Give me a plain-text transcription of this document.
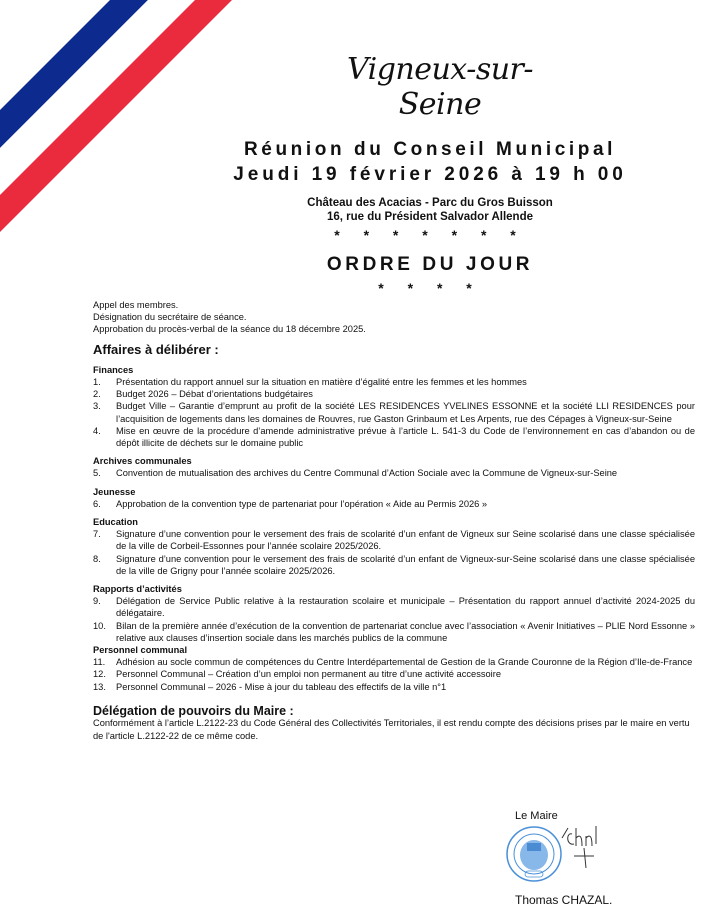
Vigneux-sur-Seine
Réunion du Conseil Municipal
Jeudi 19 février 2026 à 19 h 00
Château des Acacias - Parc du Gros Buisson
16, rue du Président Salvador Allende
* * * * * * *
ORDRE DU JOUR
* * * *
Appel des membres.
Désignation du secrétaire de séance.
Approbation du procès-verbal de la séance du 18 décembre 2025.
Affaires à délibérer :
Finances
1.	Présentation du rapport annuel sur la situation en matière d’égalité entre les femmes et les hommes
2.	Budget 2026 – Débat d’orientations budgétaires
3.	Budget Ville – Garantie d’emprunt au profit de la société LES RESIDENCES YVELINES ESSONNE et la société LLI RESIDENCES pour l’acquisition de logements dans les domaines de Rouvres, rue Gaston Grinbaum et Les Arpents, rue des Cépages à Vigneux-sur-Seine
4.	Mise en œuvre de la procédure d’amende administrative prévue à l’article L. 541-3 du Code de l’environnement en cas d’abandon ou de dépôt illicite de déchets sur le domaine public
Archives communales
5.	Convention de mutualisation des archives du Centre Communal d’Action Sociale avec la Commune de Vigneux-sur-Seine
Jeunesse
6.	Approbation de la convention type de partenariat pour l’opération « Aide au Permis 2026 »
Education
7.	Signature d’une convention pour le versement des frais de scolarité d’un enfant de Vigneux sur Seine scolarisé dans une classe spécialisée de la ville de Corbeil-Essonnes pour l’année scolaire 2025/2026.
8.	Signature d’une convention pour le versement des frais de scolarité d’un enfant de Vigneux-sur-Seine scolarisé dans une classe spécialisée de la ville de Grigny pour l’année scolaire 2025/2026.
Rapports d’activités
9.	Délégation de Service Public relative à la restauration scolaire et municipale – Présentation du rapport annuel d’activité 2024-2025 du délégataire.
10.	Bilan de la première année d’exécution de la convention de partenariat conclue avec l’association « Avenir Initiatives – PLIE Nord Essonne » relative aux clauses d’insertion sociale dans les marchés publics de la commune
Personnel communal
11.	Adhésion au socle commun de compétences du Centre Interdépartemental de Gestion de la Grande Couronne de la Région d’Ile-de-France
12.	Personnel Communal – Création d’un emploi non permanent au titre d’une activité accessoire
13.	Personnel Communal – 2026 - Mise à jour du tableau des effectifs de la ville n°1
Délégation de pouvoirs du Maire :
Conformément à l’article L.2122-23 du Code Général des Collectivités Territoriales, il est rendu compte des décisions prises par le maire en vertu de l'article L.2122-22 de ce même code.
Le Maire
Thomas CHAZAL.
